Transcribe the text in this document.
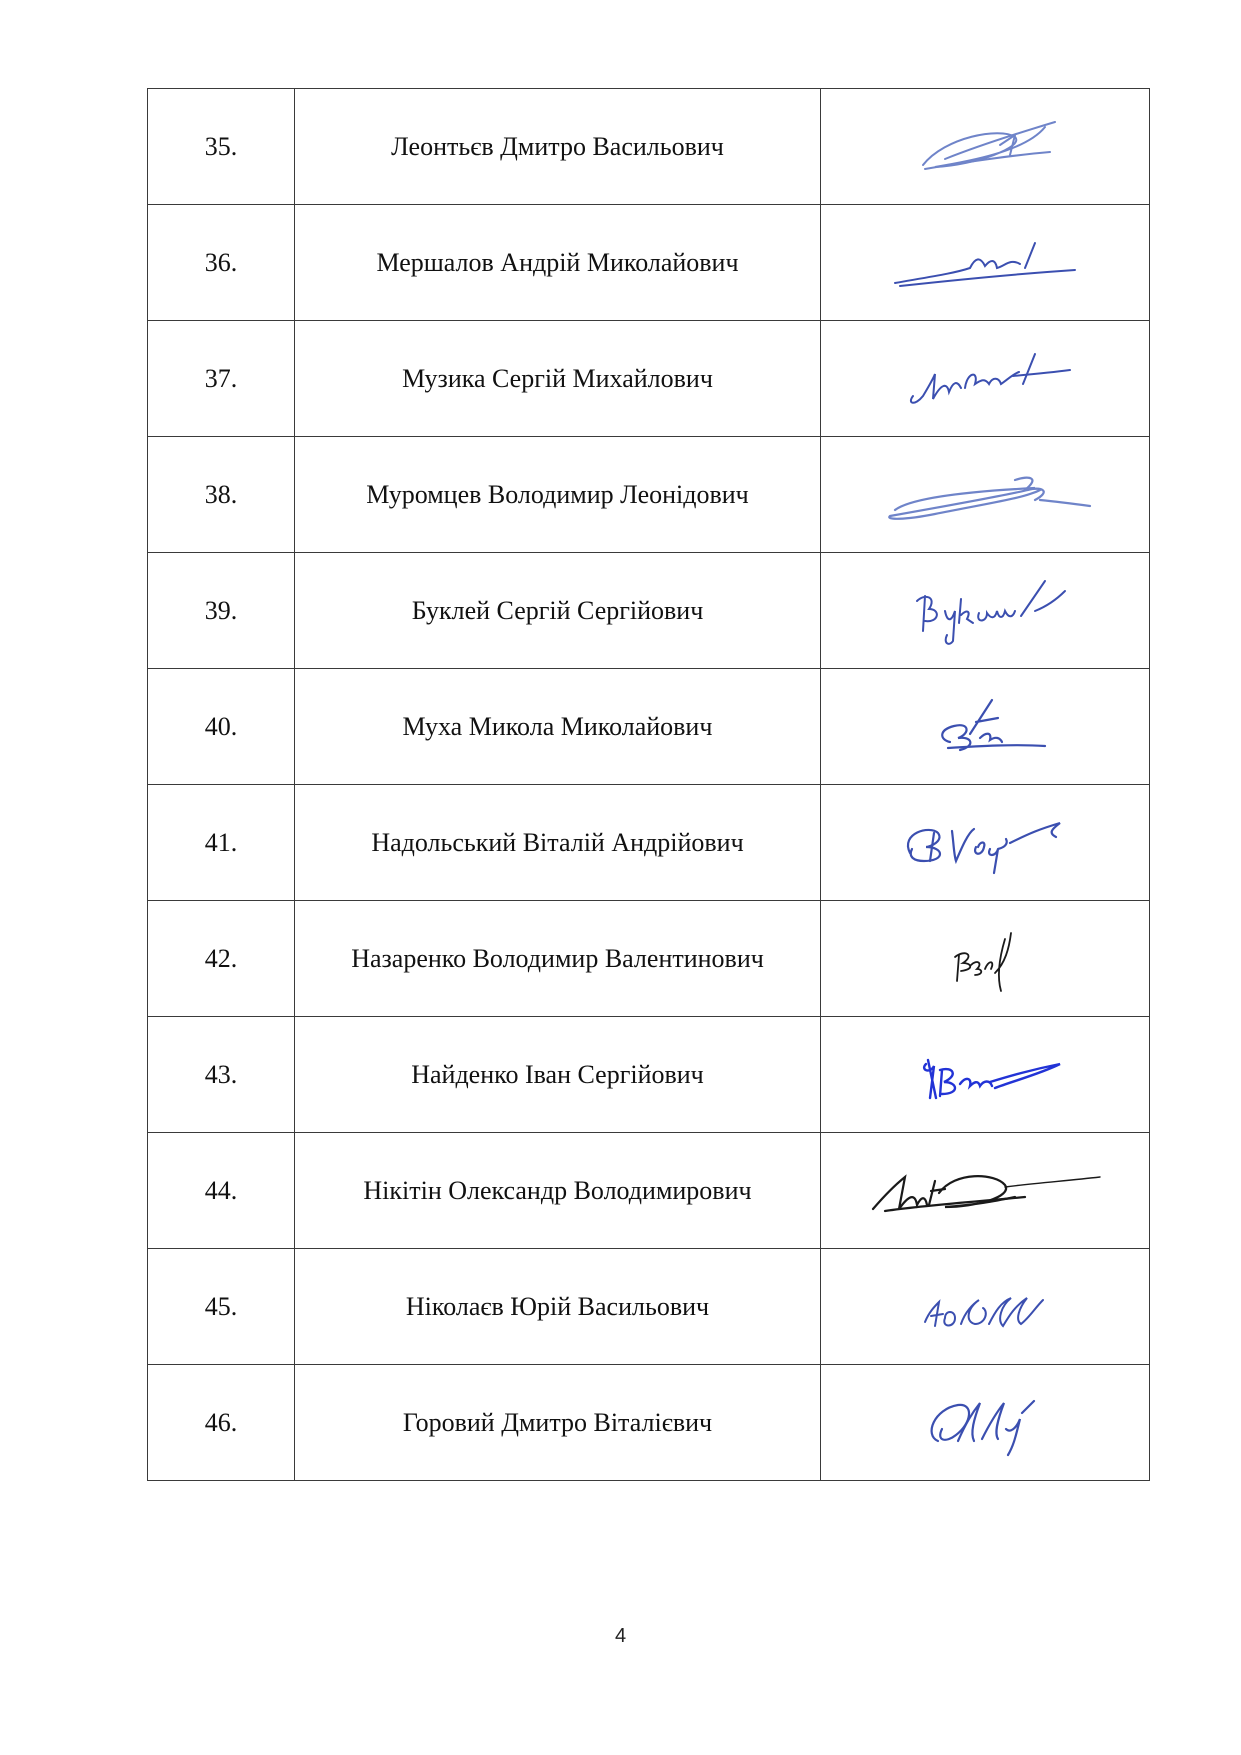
35.	Леонтьєв Дмитро Васильович	

36.	Мершалов Андрій Миколайович	

37.	Музика Сергій Михайлович	

38.	Муромцев Володимир Леонідович	

39.	Буклей Сергій Сергійович	

40.	Муха Микола Миколайович	

41.	Надольський Віталій Андрійович	

42.	Назаренко Володимир Валентинович	

43.	Найденко Іван Сергійович	

44.	Нікітін Олександр Володимирович	

45.	Ніколаєв Юрій Васильович	

46.	Горовий Дмитро Віталієвич	
4
